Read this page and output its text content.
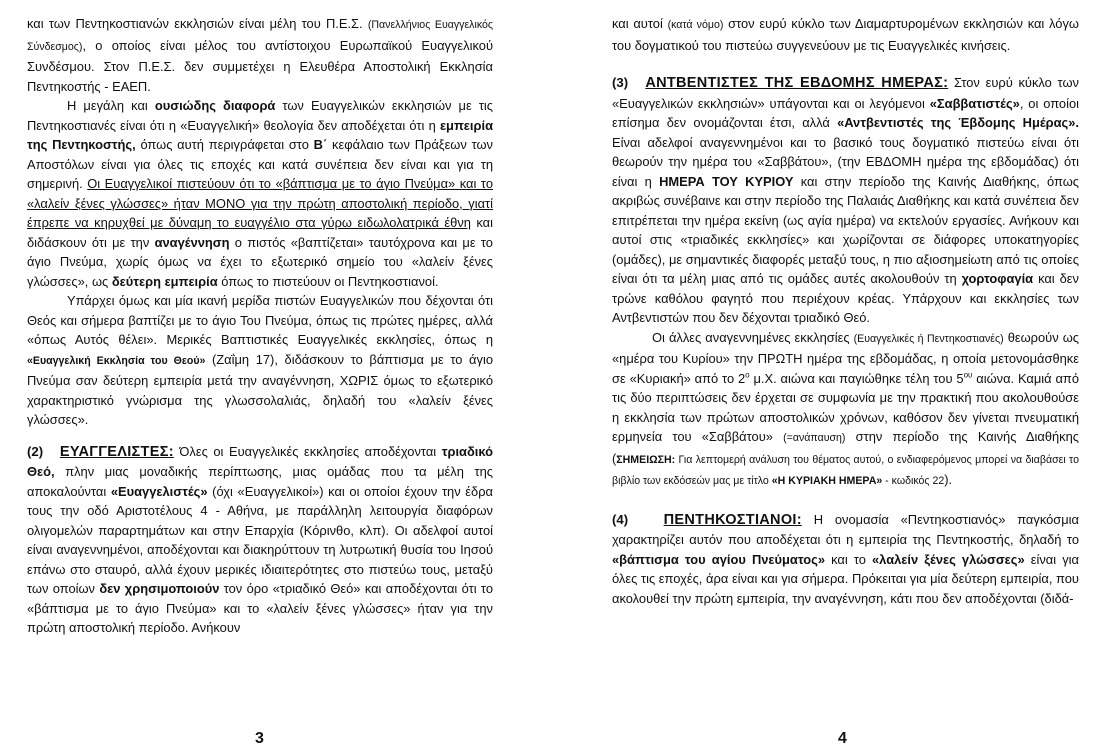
και των Πεντηκοστιανών εκκλησιών είναι μέλη του Π.Ε.Σ. (Πανελλήνιος Ευαγγελικός Σύνδεσμος), ο οποίος είναι μέλος του αντίστοιχου Ευρωπαϊκού Ευαγγελικού Συνδέσμου. Στον Π.Ε.Σ. δεν συμμετέχει η Ελευθέρα Αποστολική Εκκλησία Πεντηκοστής - ΕΑΕΠ.

Η μεγάλη και ουσιώδης διαφορά των Ευαγγελικών εκκλησιών με τις Πεντηκοστιανές είναι ότι η «Ευαγγελική» θεολογία δεν αποδέχεται ότι η εμπειρία της Πεντηκοστής, όπως αυτή περιγράφεται στο Β΄ κεφάλαιο των Πράξεων των Αποστόλων είναι για όλες τις εποχές και κατά συνέπεια δεν είναι και για τη σημερινή. Οι Ευαγγελικοί πιστεύουν ότι το «βάπτισμα με το άγιο Πνεύμα» και το «λαλείν ξένες γλώσσες» ήταν ΜΟΝΟ για την πρώτη αποστολική περίοδο, γιατί έπρεπε να κηρυχθεί με δύναμη το ευαγγέλιο στα γύρω ειδωλολατρικά έθνη και διδάσκουν ότι με την αναγέννηση ο πιστός «βαπτίζεται» ταυτόχρονα και με το άγιο Πνεύμα, χωρίς όμως να έχει το εξωτερικό σημείο του «λαλείν ξένες γλώσσες», ως δεύτερη εμπειρία όπως το πιστεύουν οι Πεντηκοστιανοί.

Υπάρχει όμως και μία ικανή μερίδα πιστών Ευαγγελικών που δέχονται ότι Θεός και σήμερα βαπτίζει με το άγιο Του Πνεύμα, όπως τις πρώτες ημέρες, αλλά «όπως Αυτός θέλει». Μερικές Βαπτιστικές Ευαγγελικές εκκλησίες, όπως η «Ευαγγελική Εκκλησία του Θεού» (Ζαΐμη 17), διδάσκουν το βάπτισμα με το άγιο Πνεύμα σαν δεύτερη εμπειρία μετά την αναγέννηση, ΧΩΡΙΣ όμως το εξωτερικό χαρακτηριστικό γνώρισμα της γλωσσολαλιάς, δηλαδή του «λαλείν ξένες γλώσσες».

(2) ΕΥΑΓΓΕΛΙΣΤΕΣ: Όλες οι Ευαγγελικές εκκλησίες αποδέχονται τριαδικό Θεό, πλην μιας μοναδικής περίπτωσης, μιας ομάδας που τα μέλη της αποκαλούνται «Ευαγγελιστές» (όχι «Ευαγγελικοί») και οι οποίοι έχουν την έδρα τους την οδό Αριστοτέλους 4 - Αθήνα, με παράλληλη λειτουργία διαφόρων ολιγομελών παραρτημάτων και στην Επαρχία (Κόρινθο, κλπ). Οι αδελφοί αυτοί είναι αναγεννημένοι, αποδέχονται και διακηρύττουν τη λυτρωτική θυσία του Ιησού επάνω στο σταυρό, αλλά έχουν μερικές ιδιαιτερότητες στο πιστεύω τους, μεταξύ των οποίων δεν χρησιμοποιούν τον όρο «τριαδικό Θεό» και αποδέχονται ότι το «βάπτισμα με το άγιο Πνεύμα» και το «λαλείν ξένες γλώσσες» ήταν για την πρώτη αποστολική περίοδο. Ανήκουν

3

και αυτοί (κατά νόμο) στον ευρύ κύκλο των Διαμαρτυρομένων εκκλησιών και λόγω του δογματικού του πιστεύω συγγενεύουν με τις Ευαγγελικές κινήσεις.

(3) ΑΝΤΒΕΝΤΙΣΤΕΣ ΤΗΣ ΕΒΔΟΜΗΣ ΗΜΕΡΑΣ: Στον ευρύ κύκλο των «Ευαγγελικών εκκλησιών» υπάγονται και οι λεγόμενοι «Σαββατιστές», οι οποίοι επίσημα δεν ονομάζονται έτσι, αλλά «Αντβεντιστές της Έβδομης Ημέρας». Είναι αδελφοί αναγεννημένοι και το βασικό τους δογματικό πιστεύω είναι ότι θεωρούν την ημέρα του «Σαββάτου», (την ΕΒΔΟΜΗ ημέρα της εβδομάδας) ότι είναι η ΗΜΕΡΑ ΤΟΥ ΚΥΡΙΟΥ και στην περίοδο της Καινής Διαθήκης, όπως ακριβώς συνέβαινε και στην περίοδο της Παλαιάς Διαθήκης και κατά συνέπεια δεν επιτρέπεται την ημέρα εκείνη (ως αγία ημέρα) να εκτελούν εργασίες. Ανήκουν και αυτοί στις «τριαδικές εκκλησίες» και χωρίζονται σε διάφορες υποκατηγορίες (ομάδες), με σημαντικές διαφορές μεταξύ τους, η πιο αξιοσημείωτη από τις οποίες είναι ότι τα μέλη μιας από τις ομάδες αυτές ακολουθούν τη χορτοφαγία και δεν τρώνε καθόλου φαγητό που περιέχουν κρέας. Υπάρχουν και εκκλησίες των Αντβεντιστών που δεν δέχονται τριαδικό Θεό.

Οι άλλες αναγεννημένες εκκλησίες (Ευαγγελικές ή Πεντηκοστιανές) θεωρούν ως «ημέρα του Κυρίου» την ΠΡΩΤΗ ημέρα της εβδομάδας, η οποία μετονομάσθηκε σε «Κυριακή» από το $2^o$ μ.Χ. αιώνα και παγιώθηκε τέλη του $5^{o\upsilon}$ αιώνα. Καμιά από τις δύο περιπτώσεις δεν έρχεται σε συμφωνία με την πρακτική που ακολουθούσε η εκκλησία των πρώτων αποστολικών χρόνων, καθόσον δεν γίνεται πνευματική ερμηνεία του «Σαββάτου» (=ανάπαυση) στην περίοδο της Καινής Διαθήκης (ΣΗΜΕΙΩΣΗ: Για λεπτομερή ανάλυση του θέματος αυτού, ο ενδιαφερόμενος μπορεί να διαβάσει το βιβλίο των εκδόσεών μας με τίτλο «Η ΚΥΡΙΑΚΗ ΗΜΕΡΑ» - κωδικός 22).

(4) ΠΕΝΤΗΚΟΣΤΙΑΝΟΙ: Η ονομασία «Πεντηκοστιανός» παγκόσμια χαρακτηρίζει αυτόν που αποδέχεται ότι η εμπειρία της Πεντηκοστής, δηλαδή το «βάπτισμα του αγίου Πνεύματος» και το «λαλείν ξένες γλώσσες» είναι για όλες τις εποχές, άρα είναι και για σήμερα. Πρόκειται για μία δεύτερη εμπειρία, που ακολουθεί την πρώτη εμπειρία, την αναγέννηση, κάτι που δεν αποδέχονται (διδά-

4
